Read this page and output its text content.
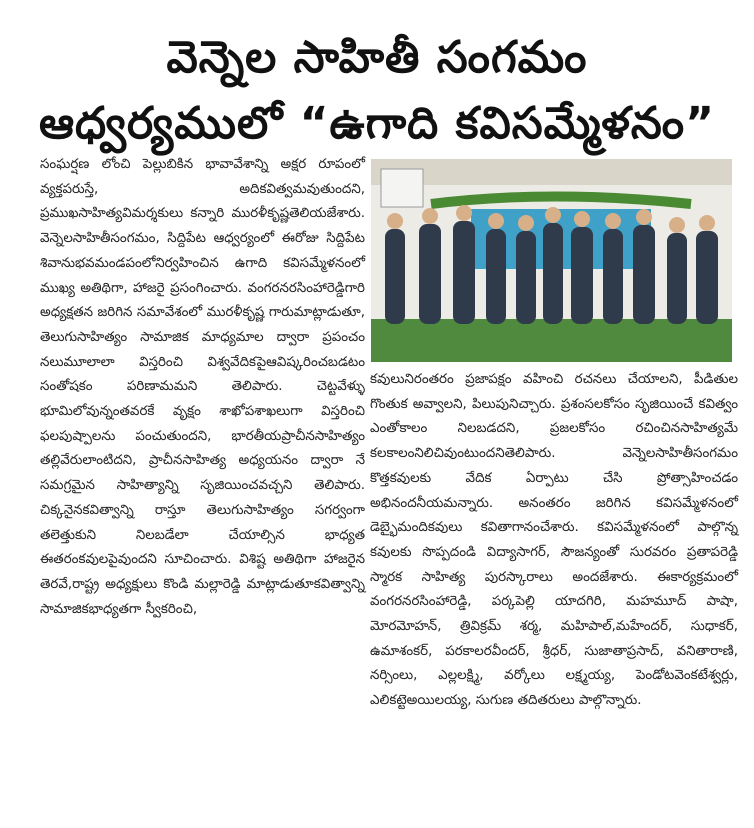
వెన్నెల సాహితీ సంగమం
ఆధ్వర్యములో “ఉగాది కవిసమ్మేళనం”

సంఘర్షణ లోంచి పెల్లుబికిన భావావేశాన్ని అక్షర రూపంలో వ్యక్తపరుస్తే, అదికవిత్వమవుతుందని, ప్రముఖసాహిత్యవిమర్శకులు కన్నారి మురళీకృష్ణతెలియజేశారు. వెన్నెలసాహితీసంగమం, సిద్దిపేట ఆధ్వర్యంలో ఈరోజు సిద్దిపేట శివానుభవమండపంలోనిర్వహించిన ఉగాది కవిసమ్మేళనంలో ముఖ్య అతిథిగా, హాజరై ప్రసంగించారు. వంగరనరసింహారెడ్డిగారి అధ్యక్షతన జరిగిన సమావేశంలో మురళీకృష్ణ గారుమాట్లాడుతూ, తెలుగుసాహిత్యం సామాజిక మాధ్యమాల ద్వారా ప్రపంచం నలుమూలాలా విస్తరించి విశ్వవేదికపైఆవిష్కరించబడటం సంతోషకం పరిణామమని తెలిపారు. చెట్టవేళ్ళు భూమిలోవున్నంతవరకే వృక్షం శాఖోపశాఖలుగా విస్తరించి ఫలపుష్పాలను పంచుతుందని, భారతీయప్రాచీనసాహిత్యం తల్లివేరులాంటిదని, ప్రాచీనసాహిత్య అధ్యయనం ద్వారా నే సమగ్రమైన సాహిత్యాన్ని సృజియించవచ్చని తెలిపారు. చిక్కనైనకవిత్వాన్ని రాస్తూ తెలుగుసాహిత్యం సగర్వంగా తలెత్తుకుని నిలబడేలా చేయాల్సిన భాధ్యత ఈతరంకవులపైవుందని సూచించారు. విశిష్ట అతిథిగా హాజరైన తెరవే,రాష్ట్ర అధ్యక్షులు కొండి మల్లారెడ్డి మాట్లాడుతూకవిత్వాన్ని సామాజికభాధ్యతగా స్వీకరించి,

కవులునిరంతరం ప్రజాపక్షం వహించి రచనలు చేయాలని, పీడితుల గొంతుక అవ్వాలని, పిలుపునిచ్చారు. ప్రశంసలకోసం సృజియించే కవిత్వం ఎంతోకాలం నిలబడదని, ప్రజలకోసం రచించినసాహిత్యమే కలకాలంనిలిచివుంటుందనితెలిపారు. వెన్నెలసాహితీసంగమం కొత్తకవులకు వేదిక ఏర్పాటు చేసి ప్రోత్సాహించడం అభినందనీయమన్నారు. అనంతరం జరిగిన కవిసమ్మేళనంలో డెబ్భైమందికవులు కవితాగానంచేశారు. కవిసమ్మేళనంలో పాల్గొన్న కవులకు సొప్పదండి విద్యాసాగర్, సౌజన్యంతో సురవరం ప్రతాపరెడ్డి స్మారక సాహిత్య పురస్కారాలు అందజేశారు. ఈకార్యక్రమంలో వంగరనరసింహారెడ్డి, పర్కపెల్లి యాదగిరి, మహమూద్ పాషా, మోరమోహన్, త్రివిక్రమ్ శర్మ, మహిపాల్,మహేందర్, సుధాకర్, ఉమాశంకర్, పరకాలరవీందర్, శ్రీధర్, సుజాతాప్రసాద్, వనితారాణి, నర్సింలు, ఎల్లలక్ష్మి, వర్కోలు లక్ష్మయ్య, పెండోటవెంకటేశ్వర్లు, ఎలికట్టెఅయిలయ్య, సుగుణ తదితరులు పాల్గొన్నారు.
